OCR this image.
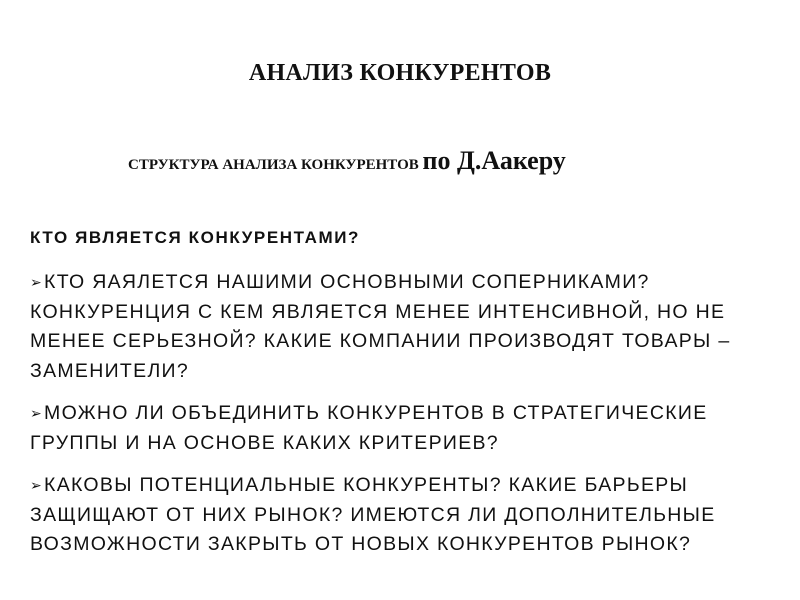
АНАЛИЗ КОНКУРЕНТОВ

СТРУКТУРА АНАЛИЗА КОНКУРЕНТОВ по Д.Аакеру

КТО ЯВЛЯЕТСЯ КОНКУРЕНТАМИ?

➢КТО ЯАЯЛЕТСЯ НАШИМИ ОСНОВНЫМИ СОПЕРНИКАМИ? КОНКУРЕНЦИЯ С КЕМ ЯВЛЯЕТСЯ МЕНЕЕ ИНТЕНСИВНОЙ, НО НЕ МЕНЕЕ СЕРЬЕЗНОЙ? КАКИЕ КОМПАНИИ ПРОИЗВОДЯТ ТОВАРЫ – ЗАМЕНИТЕЛИ?
➢МОЖНО ЛИ ОБЪЕДИНИТЬ КОНКУРЕНТОВ В СТРАТЕГИЧЕСКИЕ ГРУППЫ И НА ОСНОВЕ КАКИХ КРИТЕРИЕВ?
➢КАКОВЫ ПОТЕНЦИАЛЬНЫЕ КОНКУРЕНТЫ? КАКИЕ БАРЬЕРЫ ЗАЩИЩАЮТ ОТ НИХ РЫНОК? ИМЕЮТСЯ ЛИ ДОПОЛНИТЕЛЬНЫЕ ВОЗМОЖНОСТИ ЗАКРЫТЬ ОТ НОВЫХ КОНКУРЕНТОВ РЫНОК?
